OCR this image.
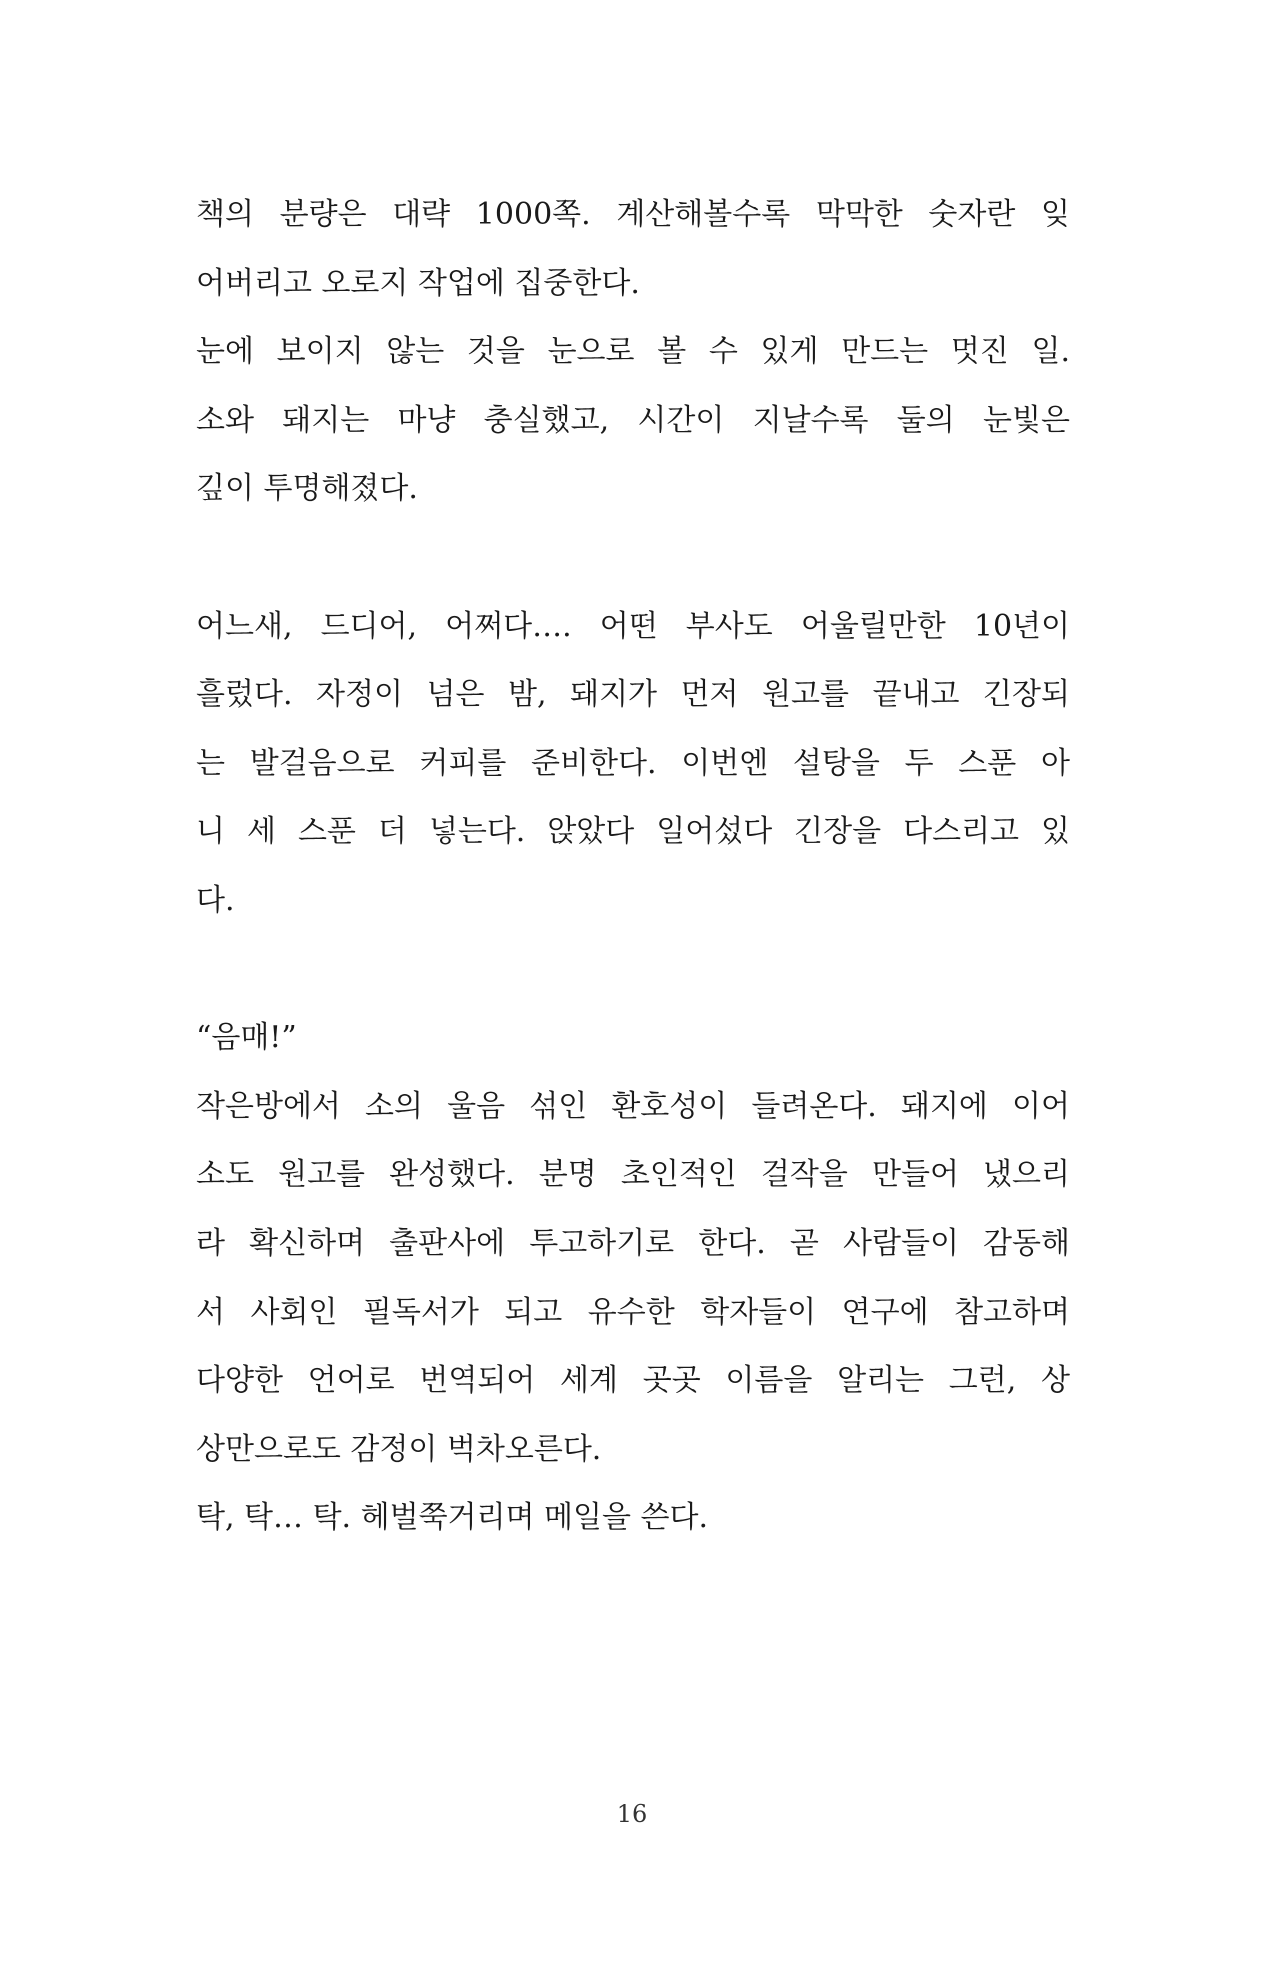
책의 분량은 대략 1000쪽. 계산해볼수록 막막한 숫자란 잊
어버리고 오로지 작업에 집중한다.
눈에 보이지 않는 것을 눈으로 볼 수 있게 만드는 멋진 일.
소와 돼지는 마냥 충실했고, 시간이 지날수록 둘의 눈빛은
깊이 투명해졌다.
어느새, 드디어, 어쩌다…. 어떤 부사도 어울릴만한 10년이
흘렀다. 자정이 넘은 밤, 돼지가 먼저 원고를 끝내고 긴장되
는 발걸음으로 커피를 준비한다. 이번엔 설탕을 두 스푼 아
니 세 스푼 더 넣는다. 앉았다 일어섰다 긴장을 다스리고 있
다.
“음매!”
작은방에서 소의 울음 섞인 환호성이 들려온다. 돼지에 이어
소도 원고를 완성했다. 분명 초인적인 걸작을 만들어 냈으리
라 확신하며 출판사에 투고하기로 한다. 곧 사람들이 감동해
서 사회인 필독서가 되고 유수한 학자들이 연구에 참고하며
다양한 언어로 번역되어 세계 곳곳 이름을 알리는 그런, 상
상만으로도 감정이 벅차오른다.
탁, 탁… 탁. 헤벌쭉거리며 메일을 쓴다.
16
